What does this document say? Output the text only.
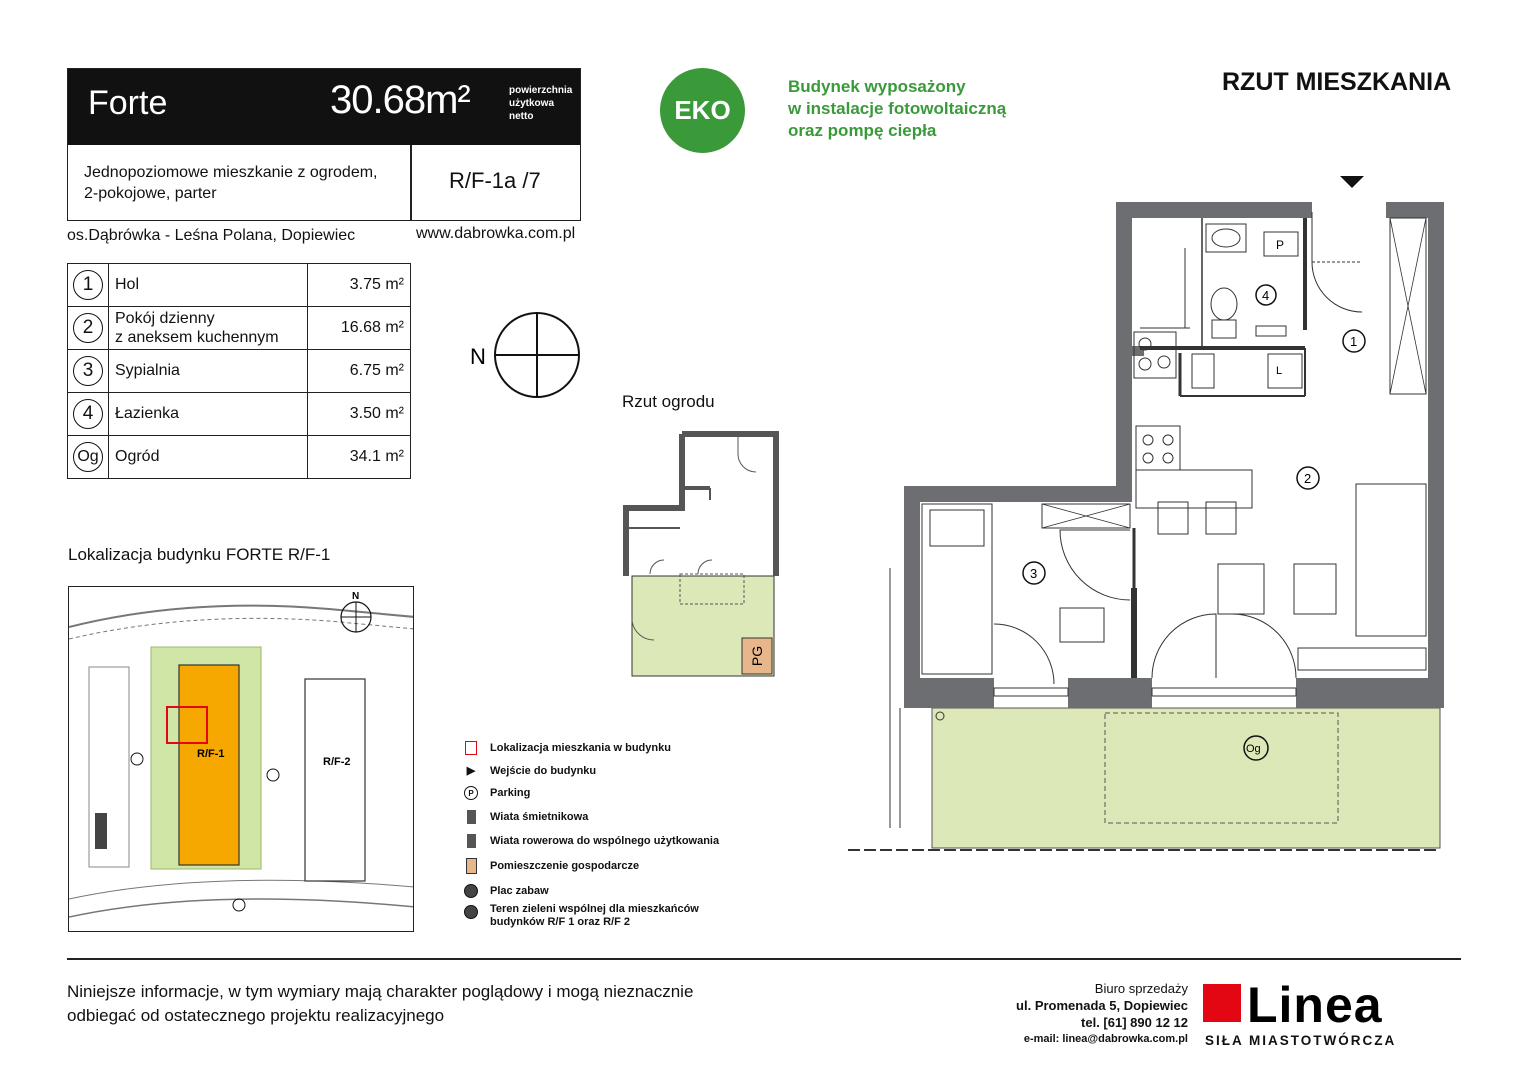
Forte	30.68m²	powierzchnia
użytkowa
netto
Jednopoziomowe mieszkanie z ogrodem,
2-pokojowe, parter
R/F-1a /7
os.Dąbrówka - Leśna Polana, Dopiewiec	www.dabrowka.com.pl
EKO
Budynek wyposażony
w instalacje fotowoltaiczną
oraz pompę ciepła
RZUT MIESZKANIA
1	Hol	3.75 m²
2	Pokój dzienny
z aneksem kuchennym	16.68 m²
3	Sypialnia	6.75 m²
4	Łazienka	3.50 m²
Og	Ogród	34.1 m²
N
Rzut ogrodu
PG
Lokalizacja budynku FORTE R/F-1
R/F-1
R/F-2
N
Lokalizacja mieszkania w budynku
▶ Wejście do budynku
P	Parking
Wiata śmietnikowa
Wiata rowerowa do wspólnego użytkowania
Pomieszczenie gospodarcze
Plac zabaw
Teren zieleni wspólnej dla mieszkańców
budynków R/F 1 oraz R/F 2
P
4
L
1
2
3
Og
Niniejsze informacje, w tym wymiary mają charakter poglądowy i mogą nieznacznie
odbiegać od ostatecznego projektu realizacyjnego
Biuro sprzedaży
ul. Promenada 5, Dopiewiec
tel. [61] 890 12 12
e-mail: linea@dabrowka.com.pl
Linea
SIŁA MIASTOTWÓRCZA
